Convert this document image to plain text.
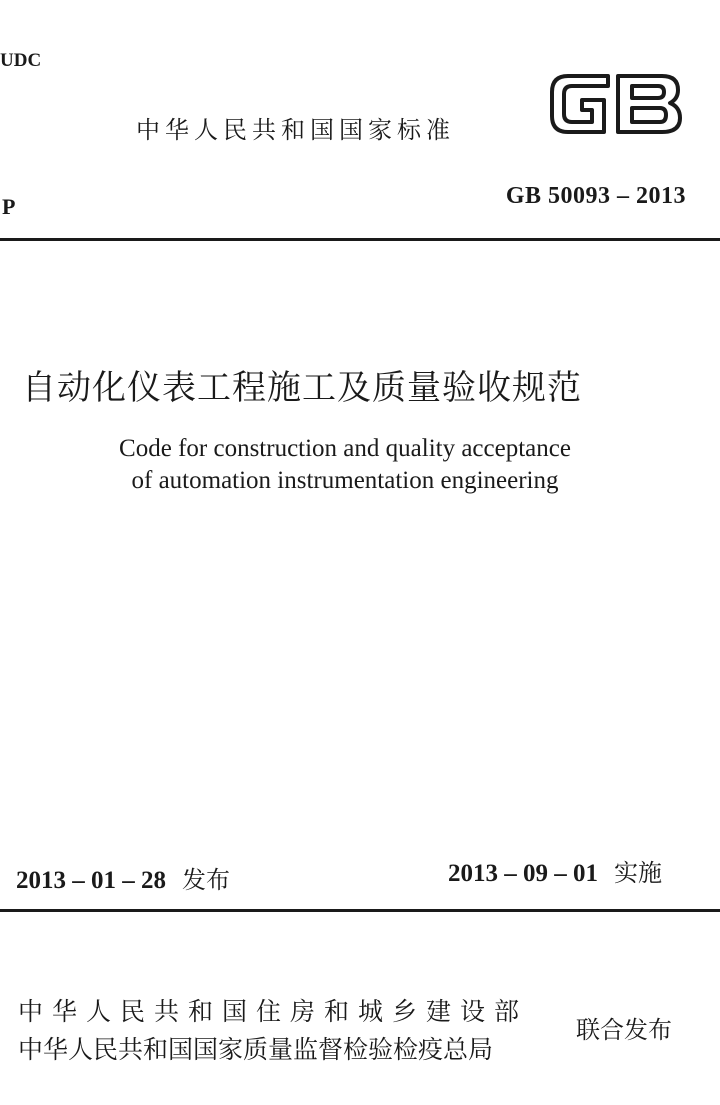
UDC
中华人民共和国国家标准
P	GB 50093 – 2013
自动化仪表工程施工及质量验收规范
Code for construction and quality acceptance
of automation instrumentation engineering
2013 – 01 – 28 发布	2013 – 09 – 01 实施
中华人民共和国住房和城乡建设部
中华人民共和国国家质量监督检验检疫总局
联合发布
